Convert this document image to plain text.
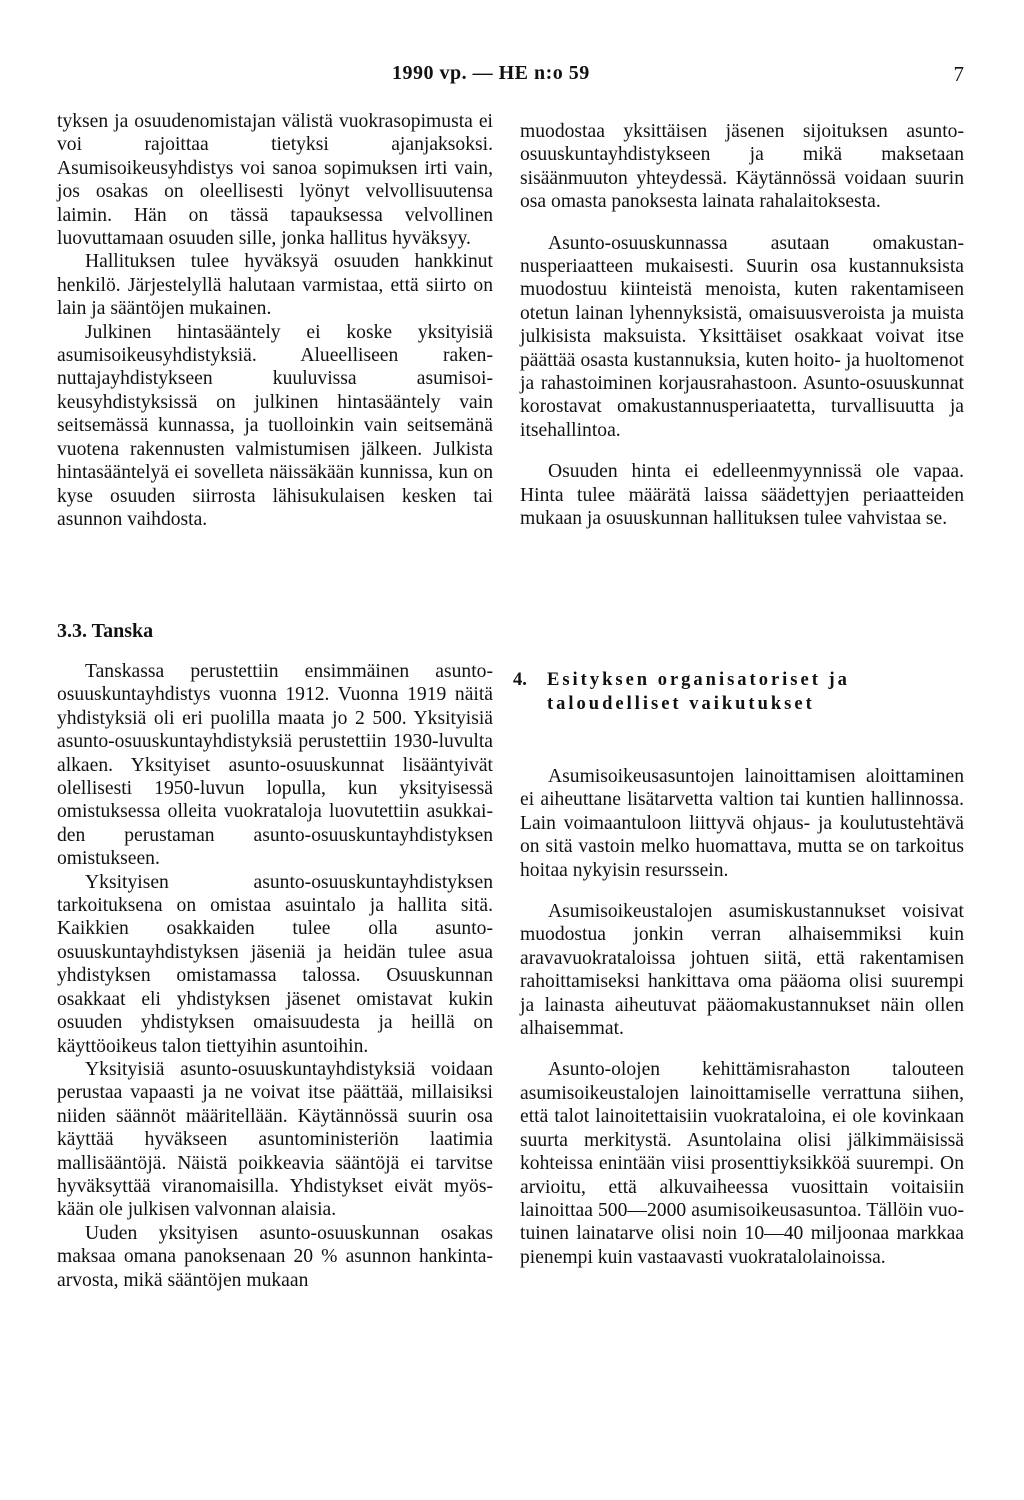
1990 vp. — HE n:o 59	7

tyksen ja osuudenomistajan välistä vuokrasopimusta ei voi rajoittaa tietyksi ajanjaksoksi. Asumisoikeusyhdistys voi sanoa sopimuksen irti vain, jos osakas on oleellisesti lyönyt velvollisuutensa laimin. Hän on tässä tapauksessa velvollinen luovuttamaan osuuden sille, jonka hallitus hyväksyy.

Hallituksen tulee hyväksyä osuuden hankkinut henkilö. Järjestelyllä halutaan varmistaa, että siirto on lain ja sääntöjen mukainen.

Julkinen hintasääntely ei koske yksityisiä asumisoikeusyhdistyksiä. Alueelliseen rakennuttajayhdistykseen kuuluvissa asumisoikeusyhdistyksissä on julkinen hintasääntely vain seitsemässä kunnassa, ja tuolloinkin vain seitsemänä vuotena rakennusten valmistumisen jälkeen. Julkista hintasääntelyä ei sovelleta näissäkään kunnissa, kun on kyse osuuden siirrosta lähisukulaisen kesken tai asunnon vaihdosta.

3.3. Tanska

Tanskassa perustettiin ensimmäinen asuntoosuuskuntayhdistys vuonna 1912. Vuonna 1919 näitä yhdistyksiä oli eri puolilla maata jo 2 500. Yksityisiä asunto-osuuskuntayhdistyksiä perustettiin 1930-luvulta alkaen. Yksityiset asunto-osuuskunnat lisääntyivät olellisesti 1950-luvun lopulla, kun yksityisessä omistuksessa olleita vuokrataloja luovutettiin asukkaiden perustaman asunto-osuuskuntayhdistyksen omistukseen.

Yksityisen asunto-osuuskuntayhdistyksen tarkoituksena on omistaa asuintalo ja hallita sitä. Kaikkien osakkaiden tulee olla asuntoosuuskuntayhdistyksen jäseniä ja heidän tulee asua yhdistyksen omistamassa talossa. Osuuskunnan osakkaat eli yhdistyksen jäsenet omistavat kukin osuuden yhdistyksen omaisuudesta ja heillä on käyttöoikeus talon tiettyihin asuntoihin.

Yksityisiä asunto-osuuskuntayhdistyksiä voidaan perustaa vapaasti ja ne voivat itse päättää, millaisiksi niiden säännöt määritellään. Käytännössä suurin osa käyttää hyväkseen asuntoministeriön laatimia mallisääntöjä. Näistä poikkeavia sääntöjä ei tarvitse hyväksyttää viranomaisilla. Yhdistykset eivät myöskään ole julkisen valvonnan alaisia.

Uuden yksityisen asunto-osuuskunnan osakas maksaa omana panoksenaan 20 % asunnon hankinta-arvosta, mikä sääntöjen mukaan

muodostaa yksittäisen jäsenen sijoituksen asunto-osuuskuntayhdistykseen ja mikä maksetaan sisäänmuuton yhteydessä. Käytännössä voidaan suurin osa omasta panoksesta lainata rahalaitoksesta.

Asunto-osuuskunnassa asutaan omakustannusperiaatteen mukaisesti. Suurin osa kustannuksista muodostuu kiinteistä menoista, kuten rakentamiseen otetun lainan lyhennyksistä, omaisuusveroista ja muista julkisista maksuista. Yksittäiset osakkaat voivat itse päättää osasta kustannuksia, kuten hoito- ja huoltomenot ja rahastoiminen korjausrahastoon. Asunto-osuuskunnat korostavat omakustannusperiaatetta, turvallisuutta ja itsehallintoa.

Osuuden hinta ei edelleenmyynnissä ole vapaa. Hinta tulee määrätä laissa säädettyjen periaatteiden mukaan ja osuuskunnan hallituksen tulee vahvistaa se.

4. Esityksen organisatoriset ja
taloudelliset vaikutukset

Asumisoikeusasuntojen lainoittamisen aloittaminen ei aiheuttane lisätarvetta valtion tai kuntien hallinnossa. Lain voimaantuloon liittyvä ohjaus- ja koulutustehtävä on sitä vastoin melko huomattava, mutta se on tarkoitus hoitaa nykyisin resurssein.

Asumisoikeustalojen asumiskustannukset voisivat muodostua jonkin verran alhaisemmiksi kuin aravavuokrataloissa johtuen siitä, että rakentamisen rahoittamiseksi hankittava oma pääoma olisi suurempi ja lainasta aiheutuvat pääomakustannukset näin ollen alhaisemmat.

Asunto-olojen kehittämisrahaston talouteen asumisoikeustalojen lainoittamiselle verrattuna siihen, että talot lainoitettaisiin vuokrataloina, ei ole kovinkaan suurta merkitystä. Asuntolaina olisi jälkimmäisissä kohteissa enintään viisi prosenttiyksikköä suurempi. On arvioitu, että alkuvaiheessa vuosittain voitaisiin lainoittaa 500—2000 asumisoikeusasuntoa. Tällöin vuotuinen lainatarve olisi noin 10—40 miljoonaa markkaa pienempi kuin vastaavasti vuokratalolainoissa.
